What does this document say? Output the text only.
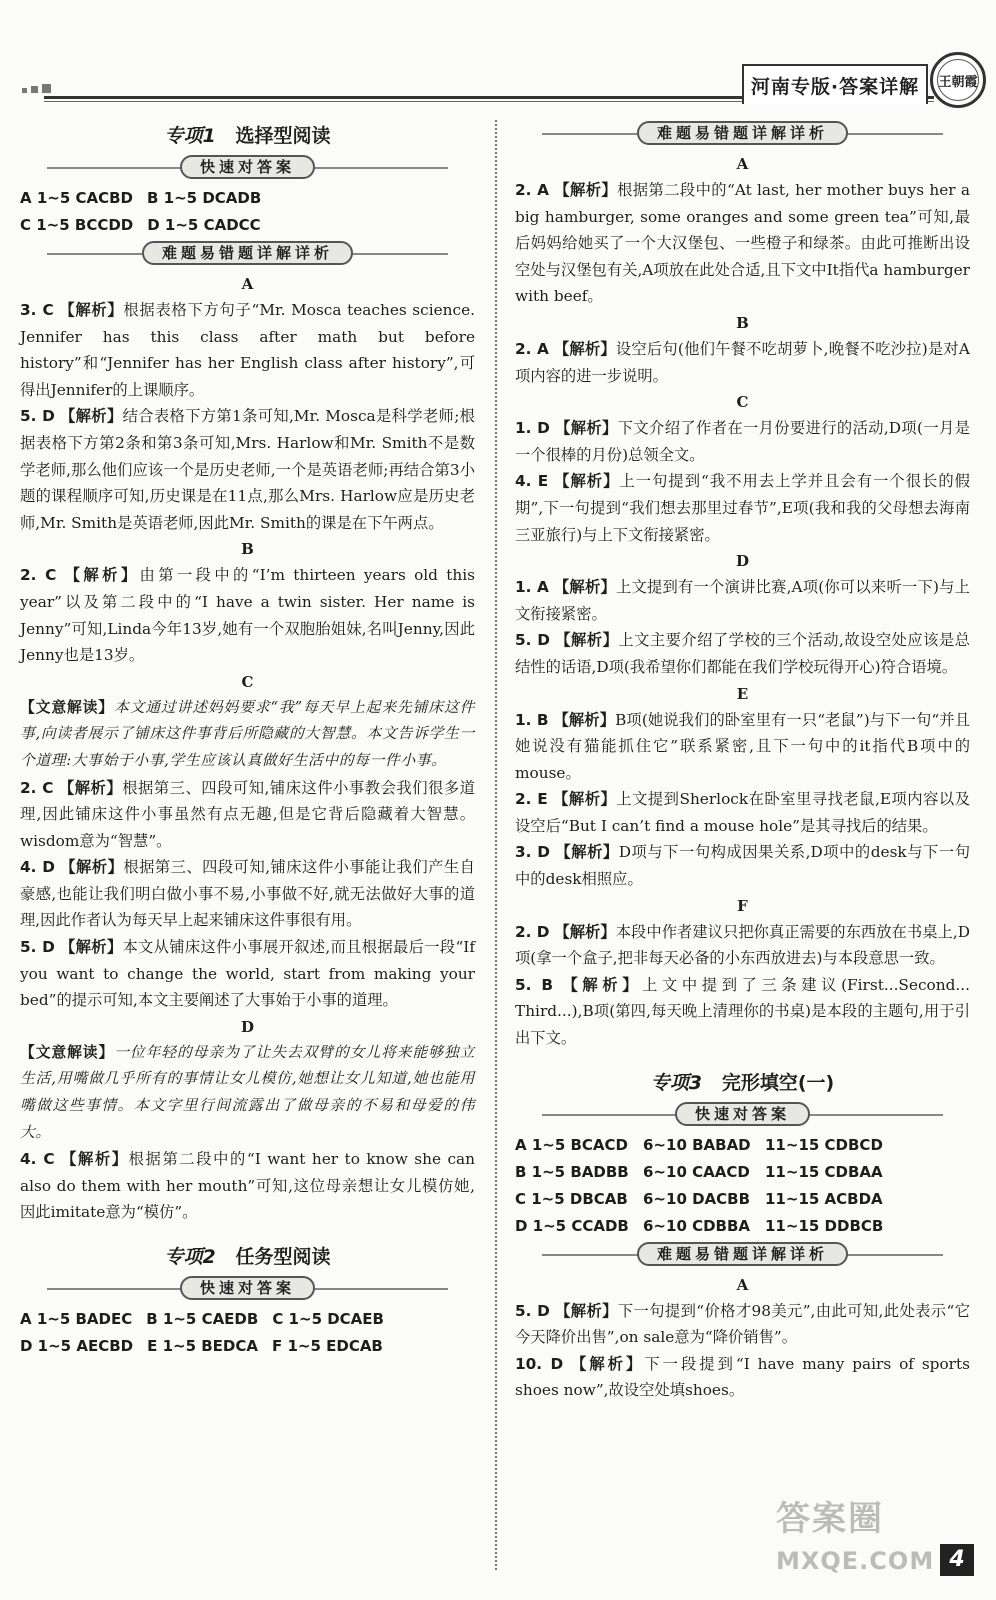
河南专版·答案详解	王朝霞
专项1 选择型阅读
快速对答案
A 1~5 CACBD B 1~5 DCADB
C 1~5 BCCDD D 1~5 CADCC
难题易错题详解详析
A

3. C 【解析】根据表格下方句子“Mr. Mosca teaches science. Jennifer has this class after math but before history”和“Jennifer has her English class after history”,可得出Jennifer的上课顺序。

5. D 【解析】结合表格下方第1条可知,Mr. Mosca是科学老师;根据表格下方第2条和第3条可知,Mrs. Harlow和Mr. Smith不是数学老师,那么他们应该一个是历史老师,一个是英语老师;再结合第3小题的课程顺序可知,历史课是在11点,那么Mrs. Harlow应是历史老师,Mr. Smith是英语老师,因此Mr. Smith的课是在下午两点。

B

2. C 【解析】由第一段中的“I’m thirteen years old this year”以及第二段中的“I have a twin sister. Her name is Jenny”可知,Linda今年13岁,她有一个双胞胎姐妹,名叫Jenny,因此Jenny也是13岁。

C

【文意解读】本文通过讲述妈妈要求“我”每天早上起来先铺床这件事,向读者展示了铺床这件事背后所隐藏的大智慧。本文告诉学生一个道理:大事始于小事,学生应该认真做好生活中的每一件小事。

2. C 【解析】根据第三、四段可知,铺床这件小事教会我们很多道理,因此铺床这件小事虽然有点无趣,但是它背后隐藏着大智慧。wisdom意为“智慧”。

4. D 【解析】根据第三、四段可知,铺床这件小事能让我们产生自豪感,也能让我们明白做小事不易,小事做不好,就无法做好大事的道理,因此作者认为每天早上起来铺床这件事很有用。

5. D 【解析】本文从铺床这件小事展开叙述,而且根据最后一段“If you want to change the world, start from making your bed”的提示可知,本文主要阐述了大事始于小事的道理。

D

【文意解读】一位年轻的母亲为了让失去双臂的女儿将来能够独立生活,用嘴做几乎所有的事情让女儿模仿,她想让女儿知道,她也能用嘴做这些事情。本文字里行间流露出了做母亲的不易和母爱的伟大。

4. C 【解析】根据第二段中的“I want her to know she can also do them with her mouth”可知,这位母亲想让女儿模仿她,因此imitate意为“模仿”。

专项2 任务型阅读
快速对答案
A 1~5 BADEC B 1~5 CAEDB C 1~5 DCAEB
D 1~5 AECBD E 1~5 BEDCA F 1~5 EDCAB
难题易错题详解详析
A

2. A 【解析】根据第二段中的“At last, her mother buys her a big hamburger, some oranges and some green tea”可知,最后妈妈给她买了一个大汉堡包、一些橙子和绿茶。由此可推断出设空处与汉堡包有关,A项放在此处合适,且下文中It指代a hamburger with beef。

B

2. A 【解析】设空后句(他们午餐不吃胡萝卜,晚餐不吃沙拉)是对A项内容的进一步说明。

C

1. D 【解析】下文介绍了作者在一月份要进行的活动,D项(一月是一个很棒的月份)总领全文。

4. E 【解析】上一句提到“我不用去上学并且会有一个很长的假期”,下一句提到“我们想去那里过春节”,E项(我和我的父母想去海南三亚旅行)与上下文衔接紧密。

D

1. A 【解析】上文提到有一个演讲比赛,A项(你可以来听一下)与上文衔接紧密。

5. D 【解析】上文主要介绍了学校的三个活动,故设空处应该是总结性的话语,D项(我希望你们都能在我们学校玩得开心)符合语境。

E

1. B 【解析】B项(她说我们的卧室里有一只“老鼠”)与下一句“并且她说没有猫能抓住它”联系紧密,且下一句中的it指代B项中的mouse。

2. E 【解析】上文提到Sherlock在卧室里寻找老鼠,E项内容以及设空后“But I can’t find a mouse hole”是其寻找后的结果。

3. D 【解析】D项与下一句构成因果关系,D项中的desk与下一句中的desk相照应。

F

2. D 【解析】本段中作者建议只把你真正需要的东西放在书桌上,D项(拿一个盒子,把非每天必备的小东西放进去)与本段意思一致。

5. B 【解析】上文中提到了三条建议(First...Second... Third...),B项(第四,每天晚上清理你的书桌)是本段的主题句,用于引出下文。

专项3 完形填空(一)
快速对答案
A 1~5 BCACD 6~10 BABAD 11~15 CDBCD
B 1~5 BADBB 6~10 CAACD 11~15 CDBAA
C 1~5 DBCAB 6~10 DACBB 11~15 ACBDA
D 1~5 CCADB 6~10 CDBBA 11~15 DDBCB
难题易错题详解详析
A

5. D 【解析】下一句提到“价格才98美元”,由此可知,此处表示“它今天降价出售”,on sale意为“降价销售”。

10. D 【解析】下一段提到“I have many pairs of sports shoes now”,故设空处填shoes。

答案圈
MXQE.COM 4
